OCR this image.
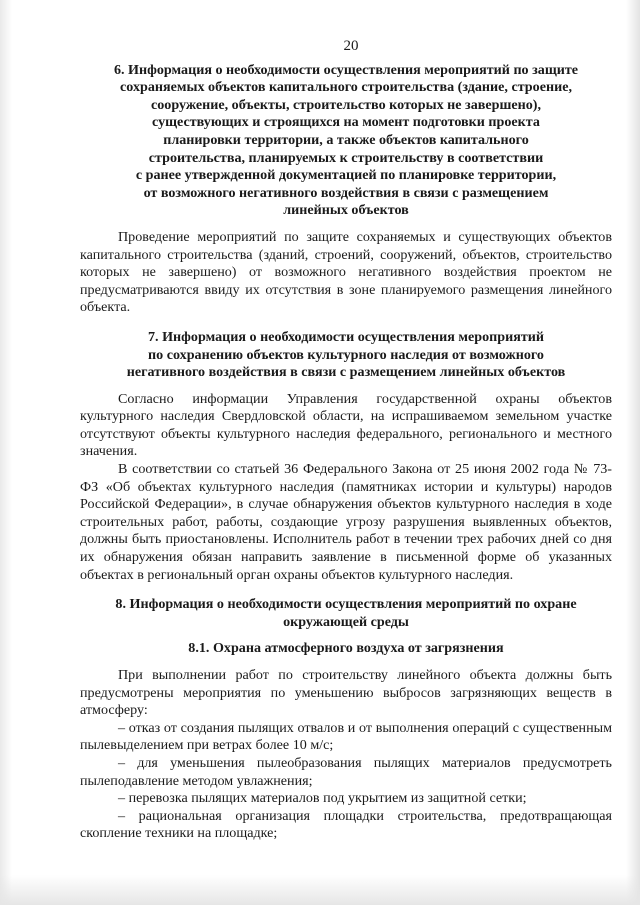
20
6. Информация о необходимости осуществления мероприятий по защите
сохраняемых объектов капитального строительства (здание, строение,
сооружение, объекты, строительство которых не завершено),
существующих и строящихся на момент подготовки проекта
планировки территории, а также объектов капитального
строительства, планируемых к строительству в соответствии
с ранее утвержденной документацией по планировке территории,
от возможного негативного воздействия в связи с размещением
линейных объектов

Проведение мероприятий по защите сохраняемых и существующих объектов капитального строительства (зданий, строений, сооружений, объектов, строительство которых не завершено) от возможного негативного воздействия проектом не предусматриваются ввиду их отсутствия в зоне планируемого размещения линейного объекта.

7. Информация о необходимости осуществления мероприятий
по сохранению объектов культурного наследия от возможного
негативного воздействия в связи с размещением линейных объектов

Согласно информации Управления государственной охраны объектов культурного наследия Свердловской области, на испрашиваемом земельном участке отсутствуют объекты культурного наследия федерального, регионального и местного значения.

В соответствии со статьей 36 Федерального Закона от 25 июня 2002 года № 73-ФЗ «Об объектах культурного наследия (памятниках истории и культуры) народов Российской Федерации», в случае обнаружения объектов культурного наследия в ходе строительных работ, работы, создающие угрозу разрушения выявленных объектов, должны быть приостановлены. Исполнитель работ в течении трех рабочих дней со дня их обнаружения обязан направить заявление в письменной форме об указанных объектах в региональный орган охраны объектов культурного наследия.

8. Информация о необходимости осуществления мероприятий по охране
окружающей среды
8.1. Охрана атмосферного воздуха от загрязнения

При выполнении работ по строительству линейного объекта должны быть предусмотрены мероприятия по уменьшению выбросов загрязняющих веществ в атмосферу:

– отказ от создания пылящих отвалов и от выполнения операций с существенным пылевыделением при ветрах более 10 м/с;
– для уменьшения пылеобразования пылящих материалов предусмотреть пылеподавление методом увлажнения;
– перевозка пылящих материалов под укрытием из защитной сетки;
– рациональная организация площадки строительства, предотвращающая скопление техники на площадке;
